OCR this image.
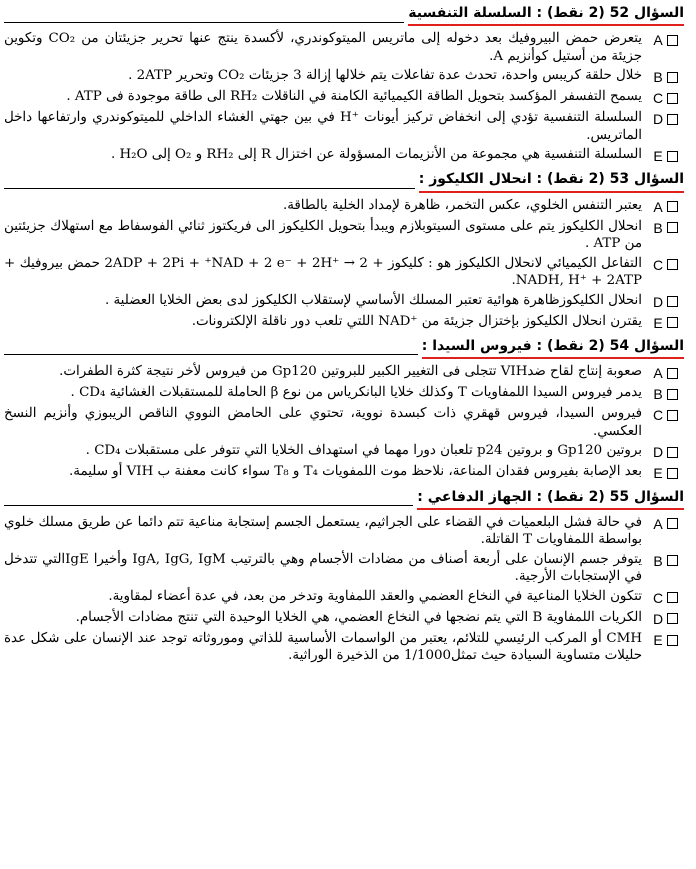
السؤال 52 (2 نقط) : السلسلة التنفسية
A
يتعرض حمض البيروفيك بعد دخوله إلى ماتريس الميتوكوندري، لأكسدة ينتج عنها تحرير جزيئتان من CO₂ وتكوين جزيئة من أستيل كوأنزيم A.
B
خلال حلقة كريبس واحدة، تحدث عدة تفاعلات يتم خلالها إزالة 3 جزيئات CO₂ وتحرير 2ATP .
C
يسمح التفسفر المؤكسد بتحويل الطاقة الكيميائية الكامنة في الناقلات RH₂ الى طاقة موجودة فى ATP .
D
السلسلة التنفسية تؤدي إلى انخفاض تركيز أيونات ⁺H في بين جهتي الغشاء الداخلي للميتوكوندري وارتفاعها داخل الماتريس.
E
السلسلة التنفسية هي مجموعة من الأنزيمات المسؤولة عن اختزال R إلى RH₂ و O₂ إلى H₂O .
السؤال 53 (2 نقط) : انحلال الكليكوز :
A
يعتبر التنفس الخلوي، عكس التخمر، ظاهرة لإمداد الخلية بالطاقة.
B
انحلال الكليكوز يتم على مستوى السيتوبلازم ويبدأ بتحويل الكليكوز الى فريكتوز ثنائي الفوسفاط مع استهلاك جزيئتين من ATP .
C
التفاعل الكيميائي لانحلال الكليكوز هو : كليكوز + 2ADP + 2Pi + ⁺NAD + 2 e⁻ + 2H⁺ → 2 حمض بيروفيك + NADH, H⁺ + 2ATP.
D
انحلال الكليكوزظاهرة هوائية تعتبر المسلك الأساسي لإستقلاب الكليكوز لدى بعض الخلايا العضلية .
E
يقترن انحلال الكليكوز بإختزال جزيئة من ⁺NAD اللتي تلعب دور ناقلة الإلكترونات.
السؤال 54 (2 نقط) : فيروس السيدا :
A
صعوبة إنتاج لقاح ضدVIH تتجلى فى التغيير الكبير للبروتين Gp120 من فيروس لأخر نتيجة كثرة الطفرات.
B
يدمر فيروس السيدا اللمفاويات T وكذلك خلايا البانكرياس من نوع β الحاملة للمستقبلات الغشائية CD₄ .
C
فيروس السيدا، فيروس قهقري ذات كبسدة نووية، تحتوي على الحامض النووي الناقص الريبوزي وأنزيم النسخ العكسي.
D
بروتين Gp120 و بروتين p24 تلعبان دورا مهما في استهداف الخلايا التي تتوفر على مستقبلات CD₄ .
E
بعد الإصابة بفيروس فقدان المناعة، نلاحظ موت اللمفويات T₄ و T₈ سواء كانت معفنة ب VIH أو سليمة.
السؤال 55 (2 نقط) : الجهاز الدفاعي :
A
في حالة فشل البلعميات في القضاء على الجراثيم، يستعمل الجسم إستجابة مناعية تتم دائما عن طريق مسلك خلوي بواسطة اللمفاويات T القاتلة.
B
يتوفر جسم الإنسان على أربعة أصناف من مضادات الأجسام وهي بالترتيب IgA, IgG, IgM وأخيرا IgEالتي تتدخل في الإستجابات الأرجية.
C
تتكون الخلايا المناعية في النخاع العضمي والعقد اللمفاوية وتدخر من بعد، في عدة أعضاء لمقاوية.
D
الكريات اللمفاوية B التي يتم نضجها في النخاع العضمي، هي الخلايا الوحيدة التي تنتج مضادات الأجسام.
E
CMH أو المركب الرئيسي للتلائم، يعتبر من الواسمات الأساسية للذاتي وموروثاته توجد عند الإنسان على شكل عدة حليلات متساوية السيادة حيث تمثل1/1000 من الذخيرة الوراثية.
